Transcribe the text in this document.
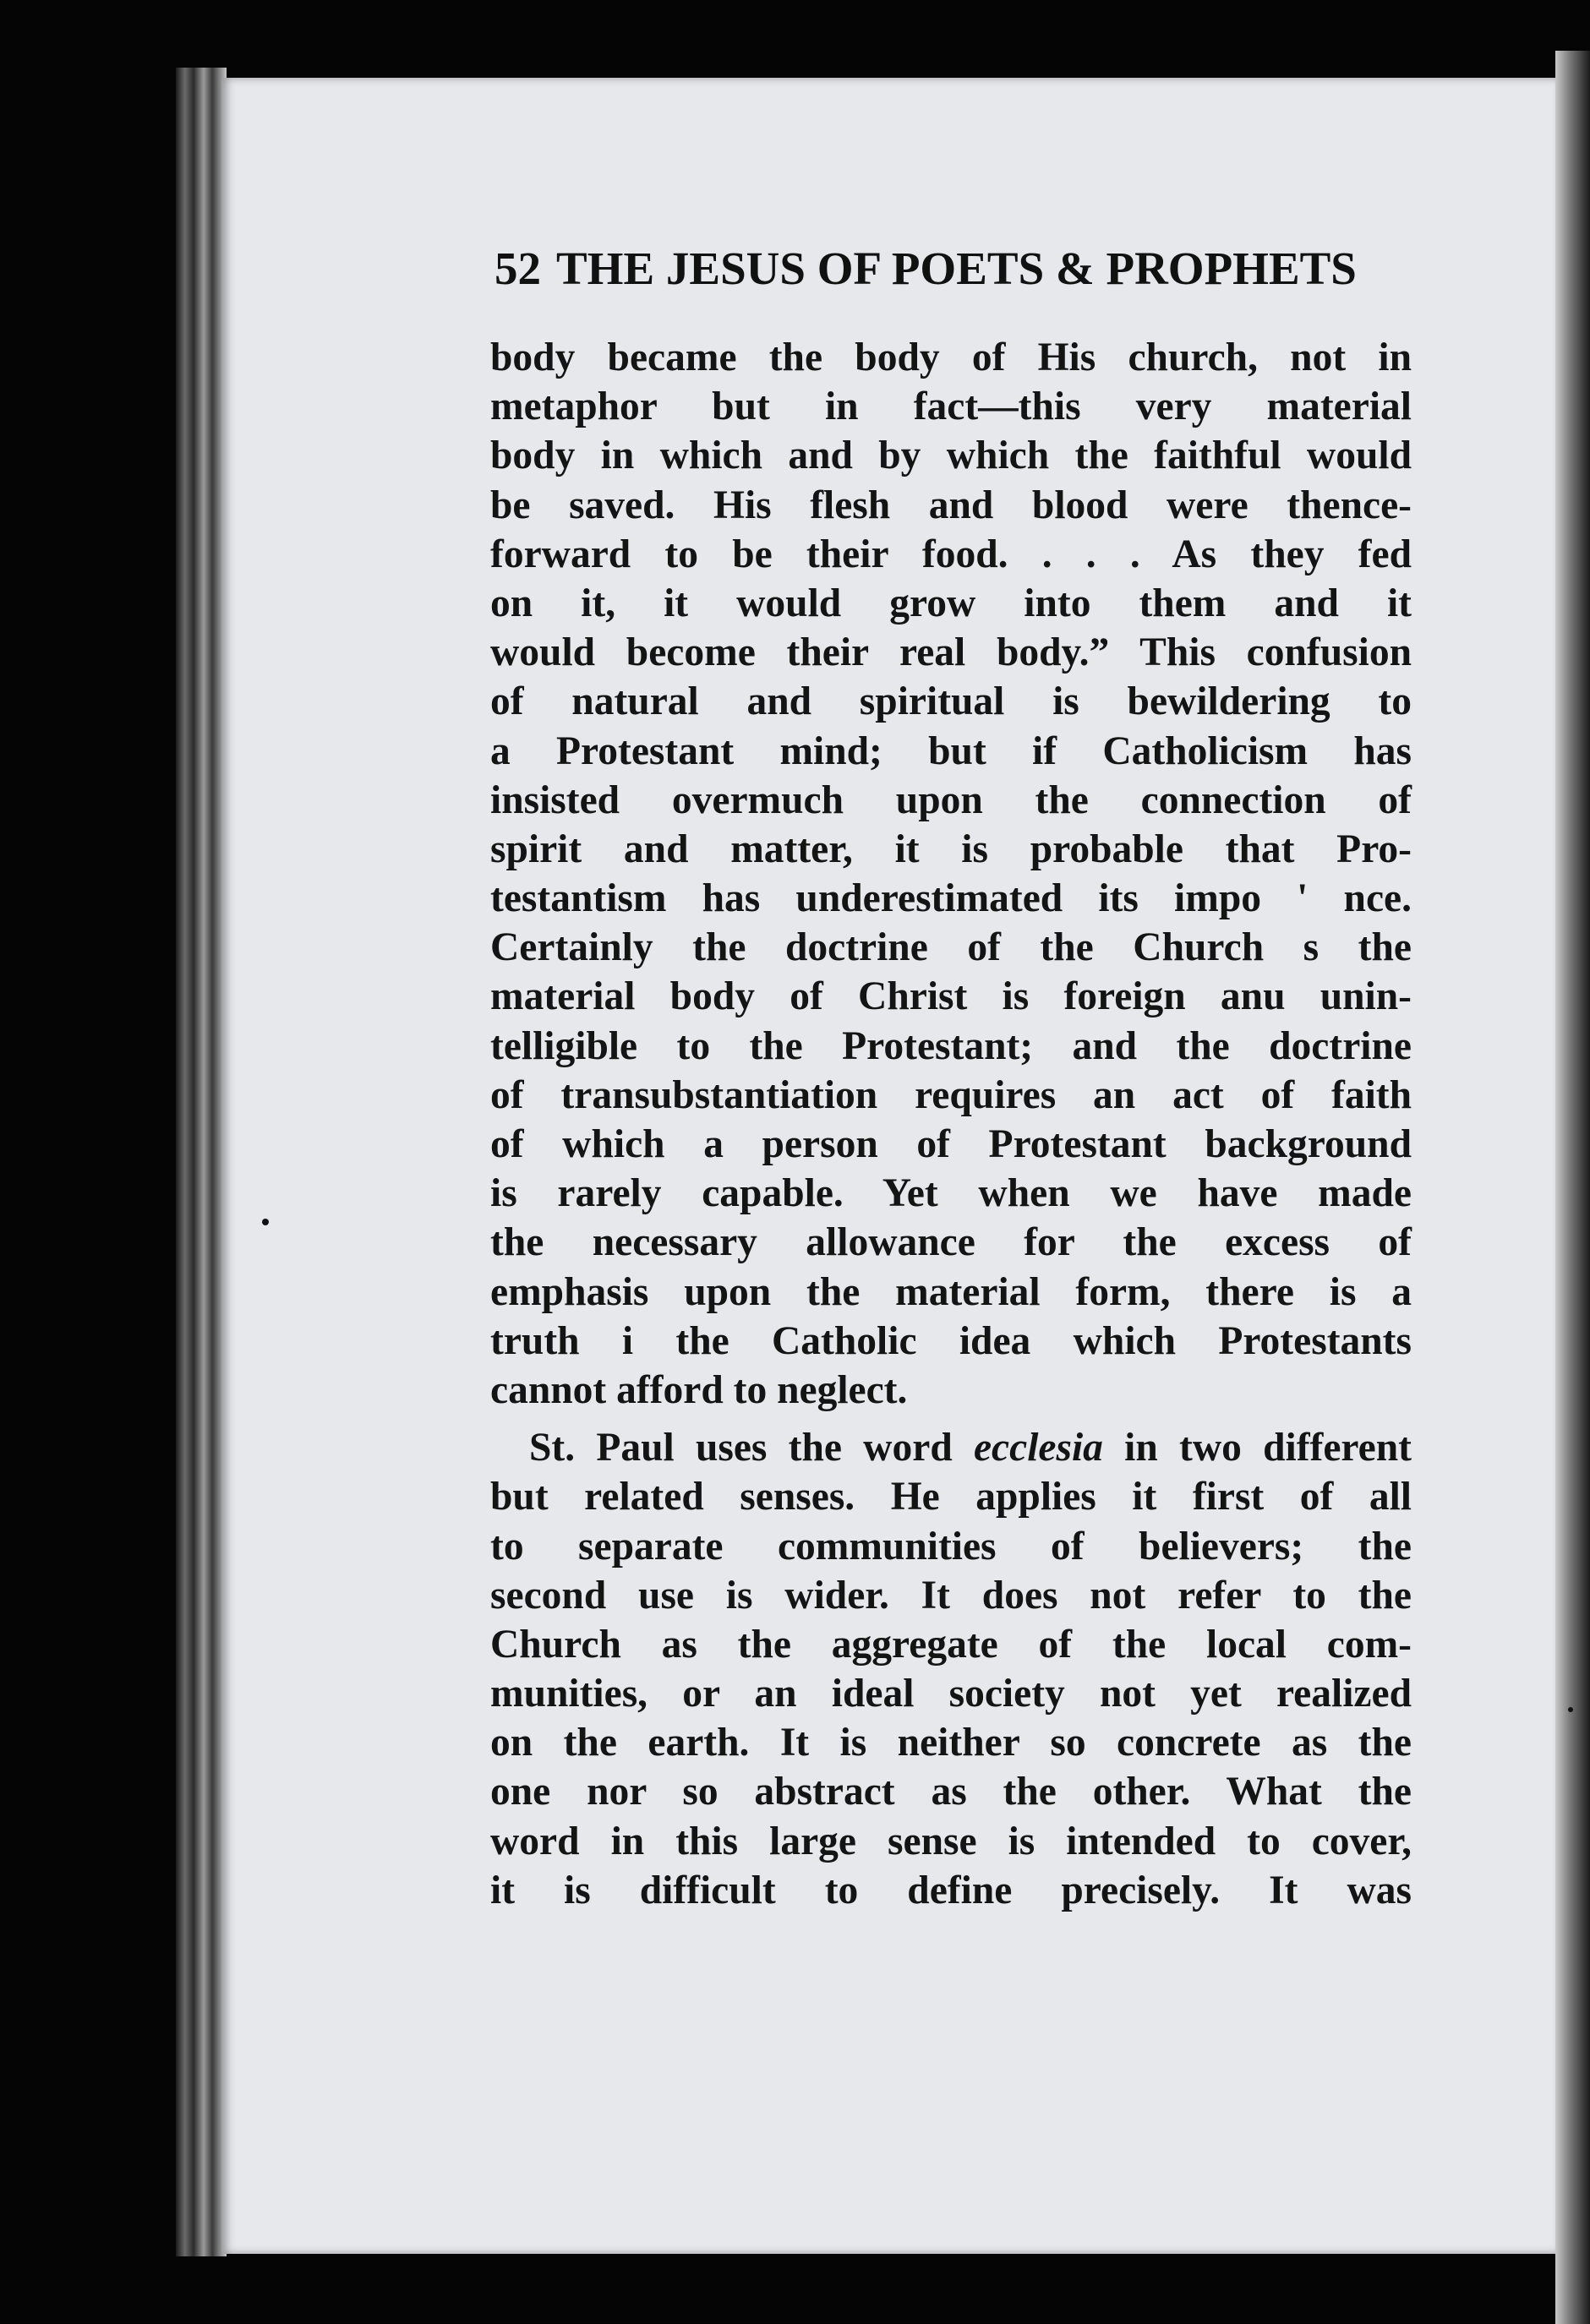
52 THE JESUS OF POETS & PROPHETS
body became the body of His church, not in
metaphor but in fact—this very material
body in which and by which the faithful would
be saved. His flesh and blood were thence-
forward to be their food. . . . As they fed
on it, it would grow into them and it
would become their real body.” This confusion
of natural and spiritual is bewildering to
a Protestant mind; but if Catholicism has
insisted overmuch upon the connection of
spirit and matter, it is probable that Pro-
testantism has underestimated its impo ' nce.
Certainly the doctrine of the Church s the
material body of Christ is foreign anu unin-
telligible to the Protestant; and the doctrine
of transubstantiation requires an act of faith
of which a person of Protestant background
is rarely capable. Yet when we have made
the necessary allowance for the excess of
emphasis upon the material form, there is a
truth i the Catholic idea which Protestants
cannot afford to neglect.
St. Paul uses the word ecclesia in two different
but related senses. He applies it first of all
to separate communities of believers; the
second use is wider. It does not refer to the
Church as the aggregate of the local com-
munities, or an ideal society not yet realized
on the earth. It is neither so concrete as the
one nor so abstract as the other. What the
word in this large sense is intended to cover,
it is difficult to define precisely. It was
